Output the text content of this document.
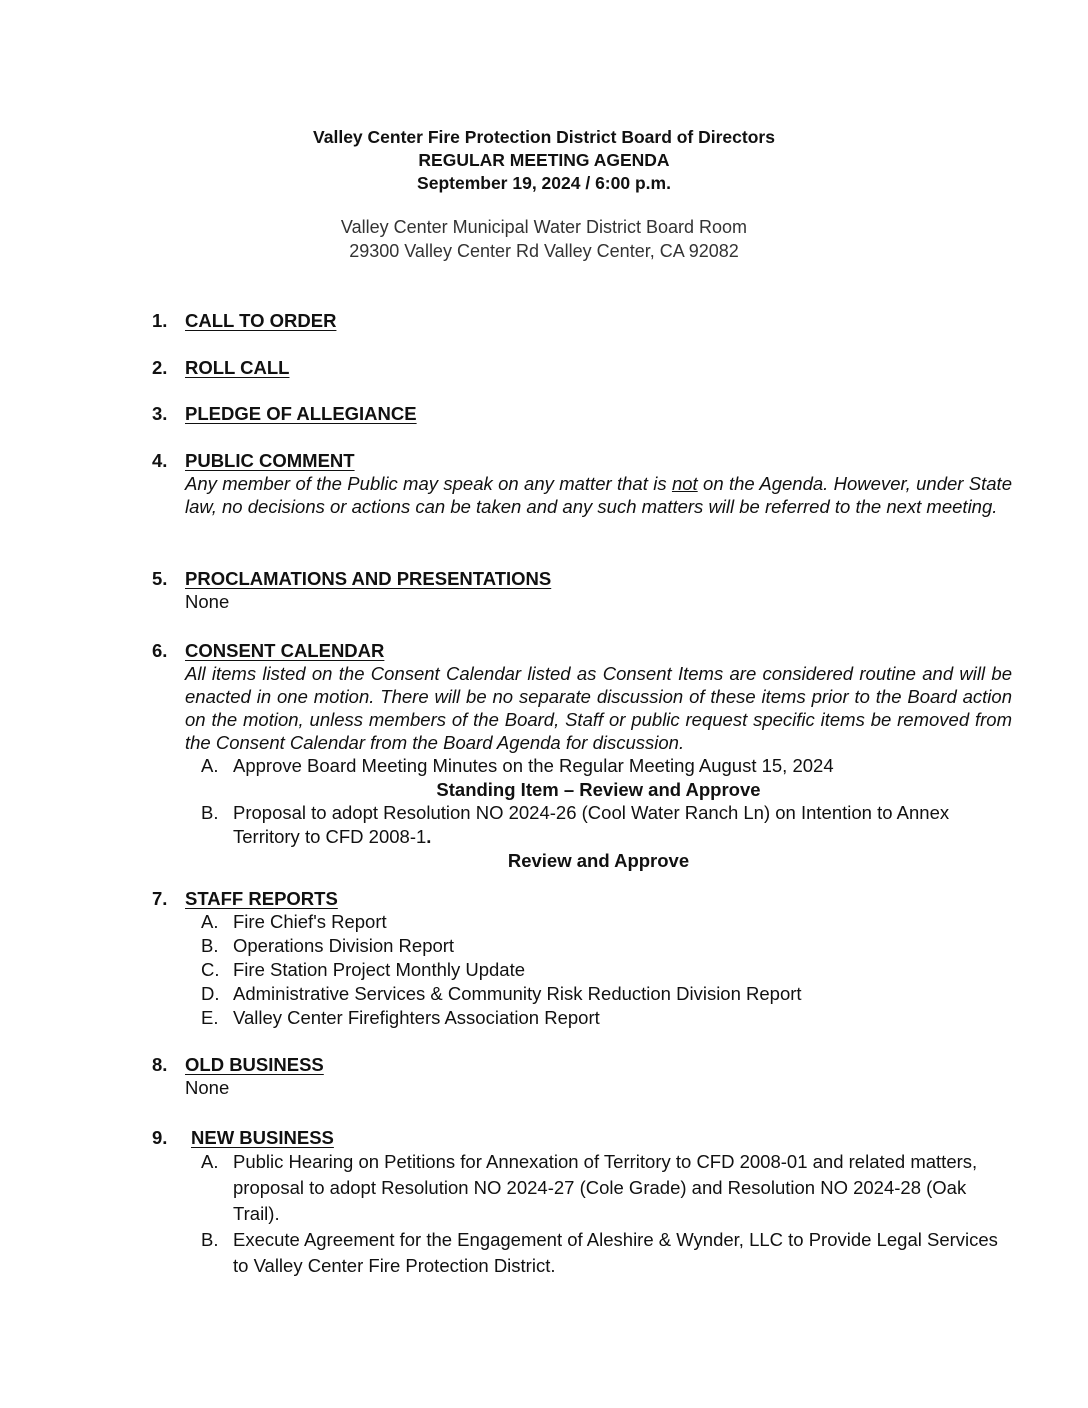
Valley Center Fire Protection District Board of Directors
REGULAR MEETING AGENDA
September 19, 2024 / 6:00 p.m.
Valley Center Municipal Water District Board Room
29300 Valley Center Rd Valley Center, CA 92082
1. CALL TO ORDER
2. ROLL CALL
3. PLEDGE OF ALLEGIANCE
4. PUBLIC COMMENT
Any member of the Public may speak on any matter that is not on the Agenda. However, under State law, no decisions or actions can be taken and any such matters will be referred to the next meeting.
5. PROCLAMATIONS AND PRESENTATIONS
None
6. CONSENT CALENDAR
All items listed on the Consent Calendar listed as Consent Items are considered routine and will be enacted in one motion. There will be no separate discussion of these items prior to the Board action on the motion, unless members of the Board, Staff or public request specific items be removed from the Consent Calendar from the Board Agenda for discussion.
A. Approve Board Meeting Minutes on the Regular Meeting August 15, 2024
Standing Item – Review and Approve
B. Proposal to adopt Resolution NO 2024-26 (Cool Water Ranch Ln) on Intention to Annex Territory to CFD 2008-1.
Review and Approve
7. STAFF REPORTS
A. Fire Chief's Report
B. Operations Division Report
C. Fire Station Project Monthly Update
D. Administrative Services & Community Risk Reduction Division Report
E. Valley Center Firefighters Association Report
8. OLD BUSINESS
None
9.	NEW BUSINESS
A. Public Hearing on Petitions for Annexation of Territory to CFD 2008-01 and related matters, proposal to adopt Resolution NO 2024-27 (Cole Grade) and Resolution NO 2024-28 (Oak Trail).
B. Execute Agreement for the Engagement of Aleshire & Wynder, LLC to Provide Legal Services to Valley Center Fire Protection District.
